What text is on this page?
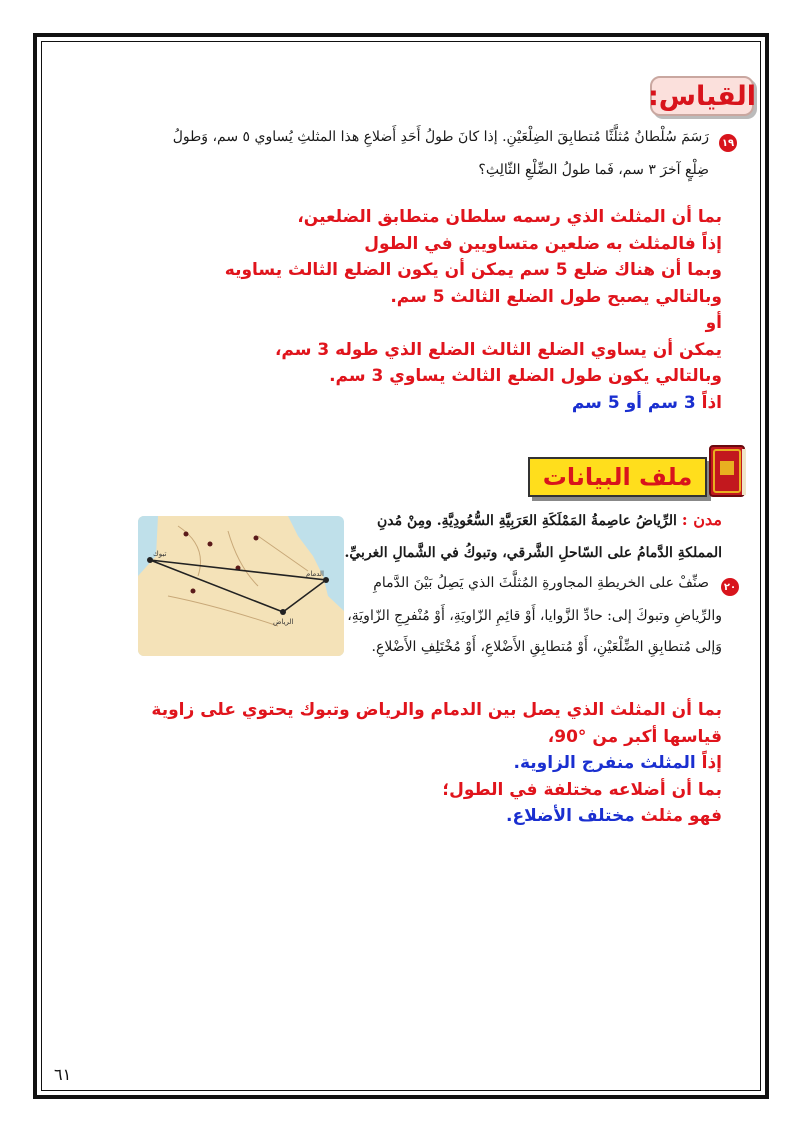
القياس:
١٩
رَسَمَ سُلْطانُ مُثلَّثًا مُتطابِقَ الضِلْعَيْنِ. إذا كانَ طولُ أَحَدِ أَضلاعِ هذا المثلثِ يُساوي ٥ سم، وَطولُ
ضِلْعٍ آخرَ ٣ سم، فَما طولُ الضِّلْعِ الثّالِثِ؟
بما أن المثلث الذي رسمه سلطان متطابق الضلعين،
إذاً فالمثلث به ضلعين متساويين في الطول
وبما أن هناك ضلع 5 سم يمكن أن يكون الضلع الثالث يساويه
وبالتالي يصبح طول الضلع الثالث 5 سم.
أو
يمكن أن يساوي الضلع الثالث الضلع الذي طوله 3 سم،
وبالتالي يكون طول الضلع الثالث يساوي 3 سم.
اذاً 3 سم أو 5 سم
ملف البيانات
مدن : الرِّياضُ عاصِمةُ المَمْلَكَةِ العَرَبِيَّةِ السُّعُودِيَّةِ. ومِنْ مُدنِ
المملكةِ الدَّمامُ على السّاحلِ الشَّرقي، وتبوكُ في الشَّمالِ الغربيِّ.
٢٠
صنِّفْ على الخريطةِ المجاورةِ المُثلَّثَ الذي يَصِلُ بَيْنَ الدَّمامِ
والرِّياضِ وتبوكَ إلى: حادِّ الزَّوايا، أَوْ قائِمِ الزّاويَةِ، أَوْ مُنْفرِجِ الزّاويَةِ،
وَإلى مُتطابِقِ الضِّلْعَيْنِ، أَوْ مُتطابِقِ الأَضْلاعِ، أَوْ مُخْتَلِفِ الأَضْلاعِ.
تبوك
الدمام
الرياض
بما أن المثلث الذي يصل بين الدمام والرياض وتبوك يحتوي على زاوية
قياسها أكبر من °90،
إذاً المثلث منفرج الزاوية.
بما أن أضلاعه مختلفة في الطول؛
فهو مثلث مختلف الأضلاع.
٦١
